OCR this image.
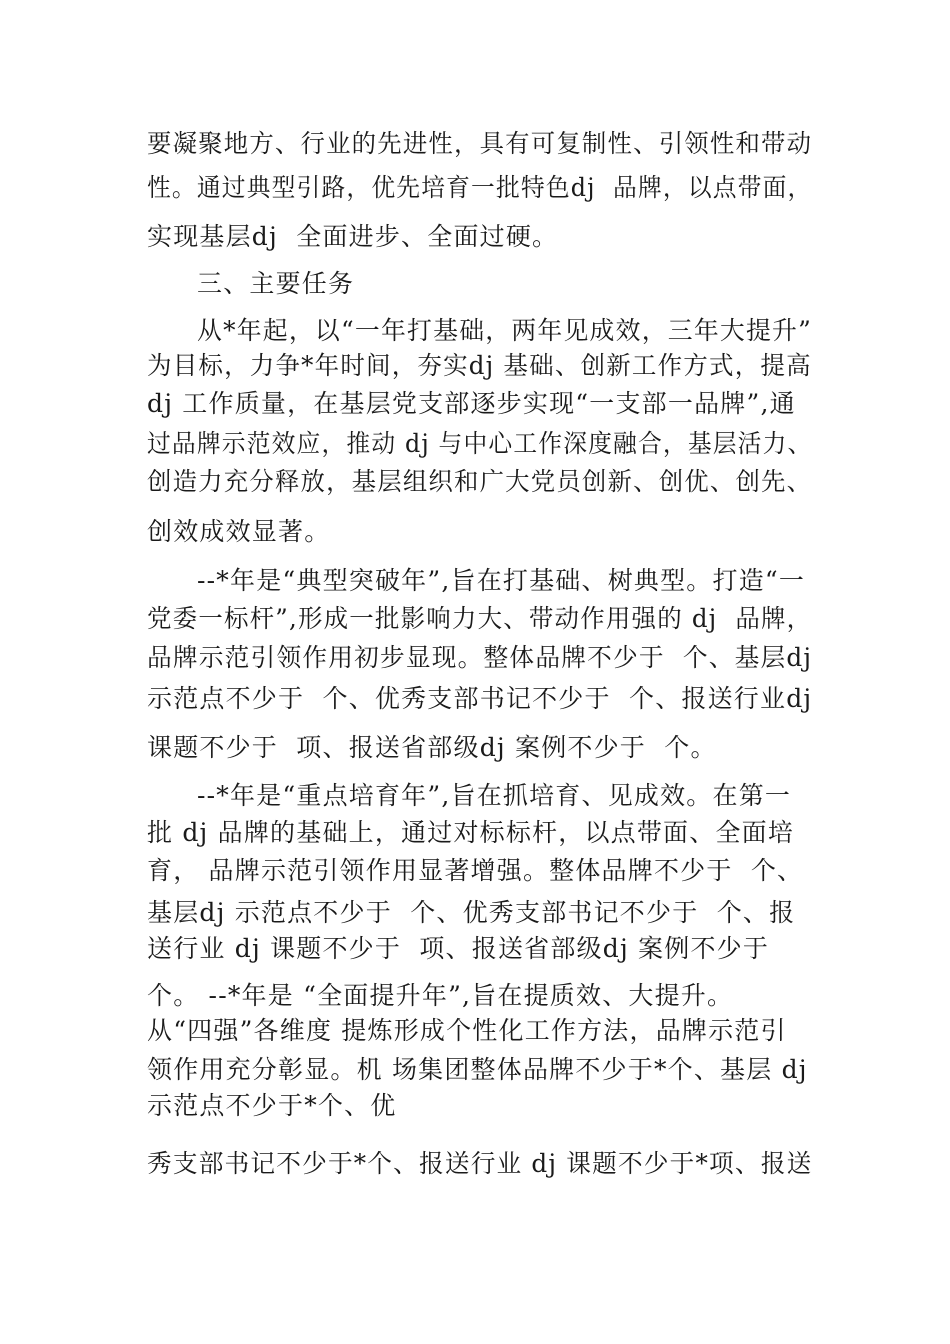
要凝聚地方、行业的先进性，具有可复制性、引领性和带动
性。通过典型引路，优先培育一批特色dj  品牌，以点带面，
实现基层dj  全面进步、全面过硬。
三、主要任务
从*年起，以“一年打基础，两年见成效，三年大提升”
为目标，力争*年时间，夯实dj 基础、创新工作方式，提高
dj 工作质量，在基层党支部逐步实现“一支部一品牌”,通
过品牌示范效应，推动 dj 与中心工作深度融合，基层活力、
创造力充分释放，基层组织和广大党员创新、创优、创先、
创效成效显著。
--*年是“典型突破年”,旨在打基础、树典型。打造“一
党委一标杆”,形成一批影响力大、带动作用强的 dj  品牌，
品牌示范引领作用初步显现。整体品牌不少于  个、基层dj
示范点不少于  个、优秀支部书记不少于  个、报送行业dj
课题不少于  项、报送省部级dj 案例不少于  个。
--*年是“重点培育年”,旨在抓培育、见成效。在第一
批 dj 品牌的基础上，通过对标标杆，以点带面、全面培
育， 品牌示范引领作用显著增强。整体品牌不少于  个、
基层dj 示范点不少于  个、优秀支部书记不少于  个、报
送行业 dj 课题不少于  项、报送省部级dj 案例不少于
个。 --*年是 “全面提升年”,旨在提质效、大提升。
从“四强”各维度 提炼形成个性化工作方法，品牌示范引
领作用充分彰显。机 场集团整体品牌不少于*个、基层 dj
示范点不少于*个、优
秀支部书记不少于*个、报送行业 dj 课题不少于*项、报送
